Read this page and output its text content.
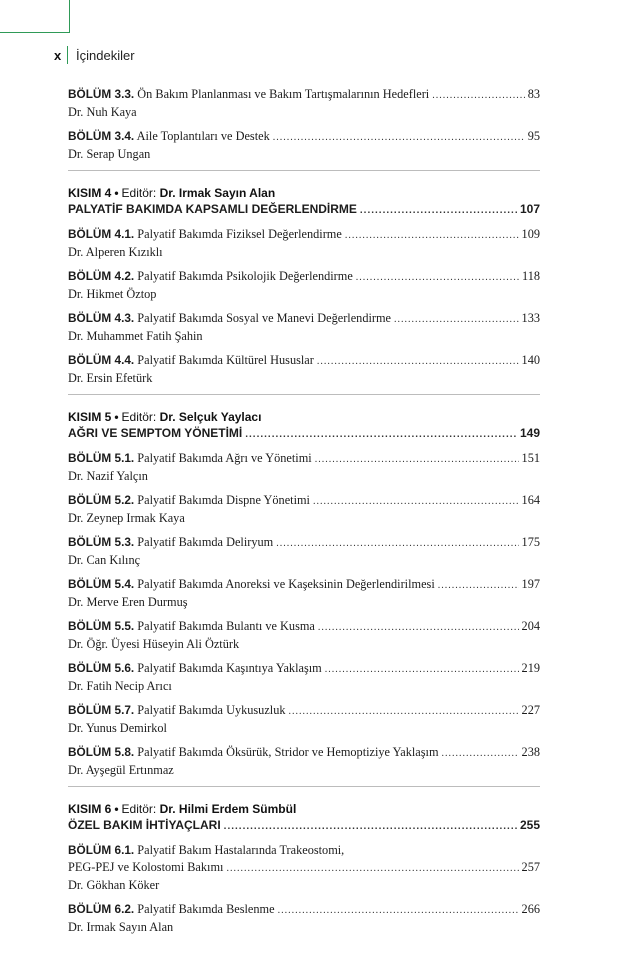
x İçindekiler
BÖLÜM 3.3. Ön Bakım Planlanması ve Bakım Tartışmalarının Hedefleri .....	83
Dr. Nuh Kaya
BÖLÜM 3.4. Aile Toplantıları ve Destek .....	95
Dr. Serap Ungan
KISIM 4 • Editör: Dr. Irmak Sayın Alan
PALYATİF BAKIMDA KAPSAMLI DEĞERLENDİRME .....	107
BÖLÜM 4.1. Palyatif Bakımda Fiziksel Değerlendirme .....	109
Dr. Alperen Kızıklı
BÖLÜM 4.2. Palyatif Bakımda Psikolojik Değerlendirme .....	118
Dr. Hikmet Öztop
BÖLÜM 4.3. Palyatif Bakımda Sosyal ve Manevi Değerlendirme .....	133
Dr. Muhammet Fatih Şahin
BÖLÜM 4.4. Palyatif Bakımda Kültürel Hususlar .....	140
Dr. Ersin Efetürk
KISIM 5 • Editör: Dr. Selçuk Yaylacı
AĞRI VE SEMPTOM YÖNETİMİ .....	149
BÖLÜM 5.1. Palyatif Bakımda Ağrı ve Yönetimi .....	151
Dr. Nazif Yalçın
BÖLÜM 5.2. Palyatif Bakımda Dispne Yönetimi .....	164
Dr. Zeynep Irmak Kaya
BÖLÜM 5.3. Palyatif Bakımda Deliryum .....	175
Dr. Can Kılınç
BÖLÜM 5.4. Palyatif Bakımda Anoreksi ve Kaşeksinin Değerlendirilmesi .....	197
Dr. Merve Eren Durmuş
BÖLÜM 5.5. Palyatif Bakımda Bulantı ve Kusma .....	204
Dr. Öğr. Üyesi Hüseyin Ali Öztürk
BÖLÜM 5.6. Palyatif Bakımda Kaşıntıya Yaklaşım .....	219
Dr. Fatih Necip Arıcı
BÖLÜM 5.7. Palyatif Bakımda Uykusuzluk .....	227
Dr. Yunus Demirkol
BÖLÜM 5.8. Palyatif Bakımda Öksürük, Stridor ve Hemoptiziye Yaklaşım .....	238
Dr. Ayşegül Ertınmaz
KISIM 6 • Editör: Dr. Hilmi Erdem Sümbül
ÖZEL BAKIM İHTİYAÇLARI .....	255
BÖLÜM 6.1. Palyatif Bakım Hastalarında Trakeostomi,
PEG-PEJ ve Kolostomi Bakımı .....	257
Dr. Gökhan Köker
BÖLÜM 6.2. Palyatif Bakımda Beslenme .....	266
Dr. Irmak Sayın Alan
